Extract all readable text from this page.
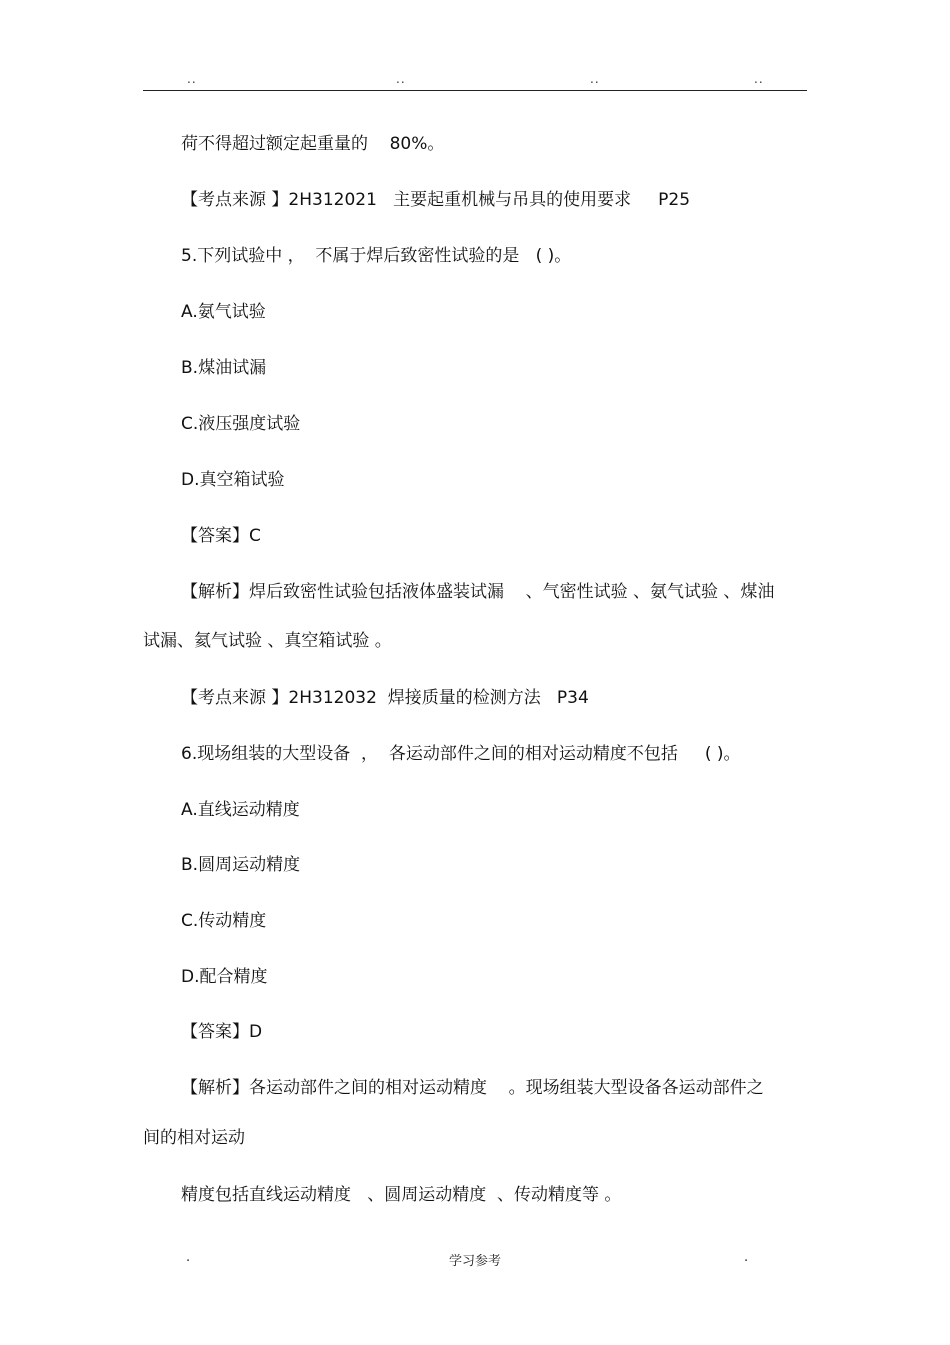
..	..	..	..
荷不得超过额定起重量的    80%。
【考点来源 】2H312021   主要起重机械与吊具的使用要求     P25
5.下列试验中 ，  不属于焊后致密性试验的是   ( )。
A.氨气试验
B.煤油试漏
C.液压强度试验
D.真空箱试验
【答案】C
【解析】焊后致密性试验包括液体盛装试漏    、气密性试验 、氨气试验 、煤油
试漏、氦气试验 、真空箱试验 。
【考点来源 】2H312032  焊接质量的检测方法   P34
6.现场组装的大型设备  ，  各运动部件之间的相对运动精度不包括     ( )。
A.直线运动精度
B.圆周运动精度
C.传动精度
D.配合精度
【答案】D
【解析】各运动部件之间的相对运动精度    。现场组装大型设备各运动部件之
间的相对运动
精度包括直线运动精度   、圆周运动精度  、传动精度等 。
.	学习参考	.
